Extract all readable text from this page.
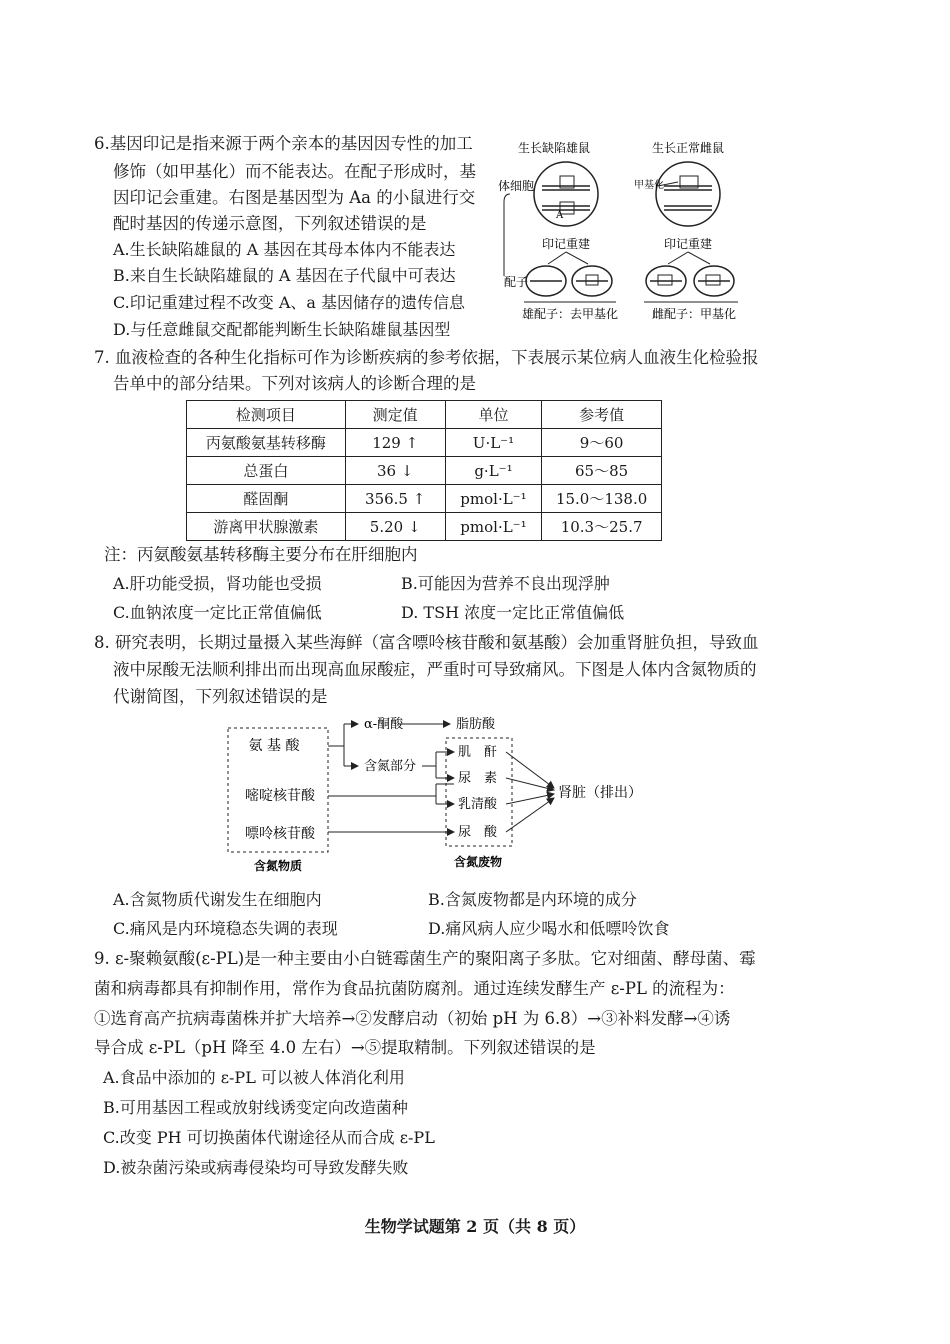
6.基因印记是指来源于两个亲本的基因因专性的加工
修饰（如甲基化）而不能表达。在配子形成时，基
因印记会重建。右图是基因型为 Aa 的小鼠进行交
配时基因的传递示意图，下列叙述错误的是
A.生长缺陷雄鼠的 A 基因在其母本体内不能表达
B.来自生长缺陷雄鼠的 A 基因在子代鼠中可表达
C.印记重建过程不改变 A、a 基因储存的遗传信息
D.与任意雌鼠交配都能判断生长缺陷雄鼠基因型
生长缺陷雄鼠	生长正常雌鼠
体细胞
A
甲基化
印记重建	印记重建
配子
雄配子：去甲基化	雌配子：甲基化
7. 血液检查的各种生化指标可作为诊断疾病的参考依据，下表展示某位病人血液生化检验报
告单中的部分结果。下列对该病人的诊断合理的是
检测项目	测定值	单位	参考值
丙氨酸氨基转移酶	129 ↑	U·L⁻¹	9～60
总蛋白	36 ↓	g·L⁻¹	65～85
醛固酮	356.5 ↑	pmol·L⁻¹	15.0～138.0
游离甲状腺激素	5.20 ↓	pmol·L⁻¹	10.3～25.7
注：丙氨酸氨基转移酶主要分布在肝细胞内
A.肝功能受损，肾功能也受损	B.可能因为营养不良出现浮肿
C.血钠浓度一定比正常值偏低	D. TSH 浓度一定比正常值偏低
8. 研究表明，长期过量摄入某些海鲜（富含嘌呤核苷酸和氨基酸）会加重肾脏负担，导致血
液中尿酸无法顺利排出而出现高血尿酸症，严重时可导致痛风。下图是人体内含氮物质的
代谢简图，下列叙述错误的是
氨 基 酸
嘧啶核苷酸
嘌呤核苷酸
含氮物质
α-酮酸
含氮部分
脂肪酸
肌　酐
尿　素
乳清酸
尿　酸
含氮废物
肾脏（排出）
A.含氮物质代谢发生在细胞内	B.含氮废物都是内环境的成分
C.痛风是内环境稳态失调的表现	D.痛风病人应少喝水和低嘌呤饮食
9. ε-聚赖氨酸(ε-PL)是一种主要由小白链霉菌生产的聚阳离子多肽。它对细菌、酵母菌、霉
菌和病毒都具有抑制作用，常作为食品抗菌防腐剂。通过连续发酵生产 ε-PL 的流程为：
①选育高产抗病毒菌株并扩大培养→②发酵启动（初始 pH 为 6.8）→③补料发酵→④诱
导合成 ε-PL（pH 降至 4.0 左右）→⑤提取精制。下列叙述错误的是
A.食品中添加的 ε-PL 可以被人体消化利用
B.可用基因工程或放射线诱变定向改造菌种
C.改变 PH 可切换菌体代谢途径从而合成 ε-PL
D.被杂菌污染或病毒侵染均可导致发酵失败
生物学试题第 2 页（共 8 页）
